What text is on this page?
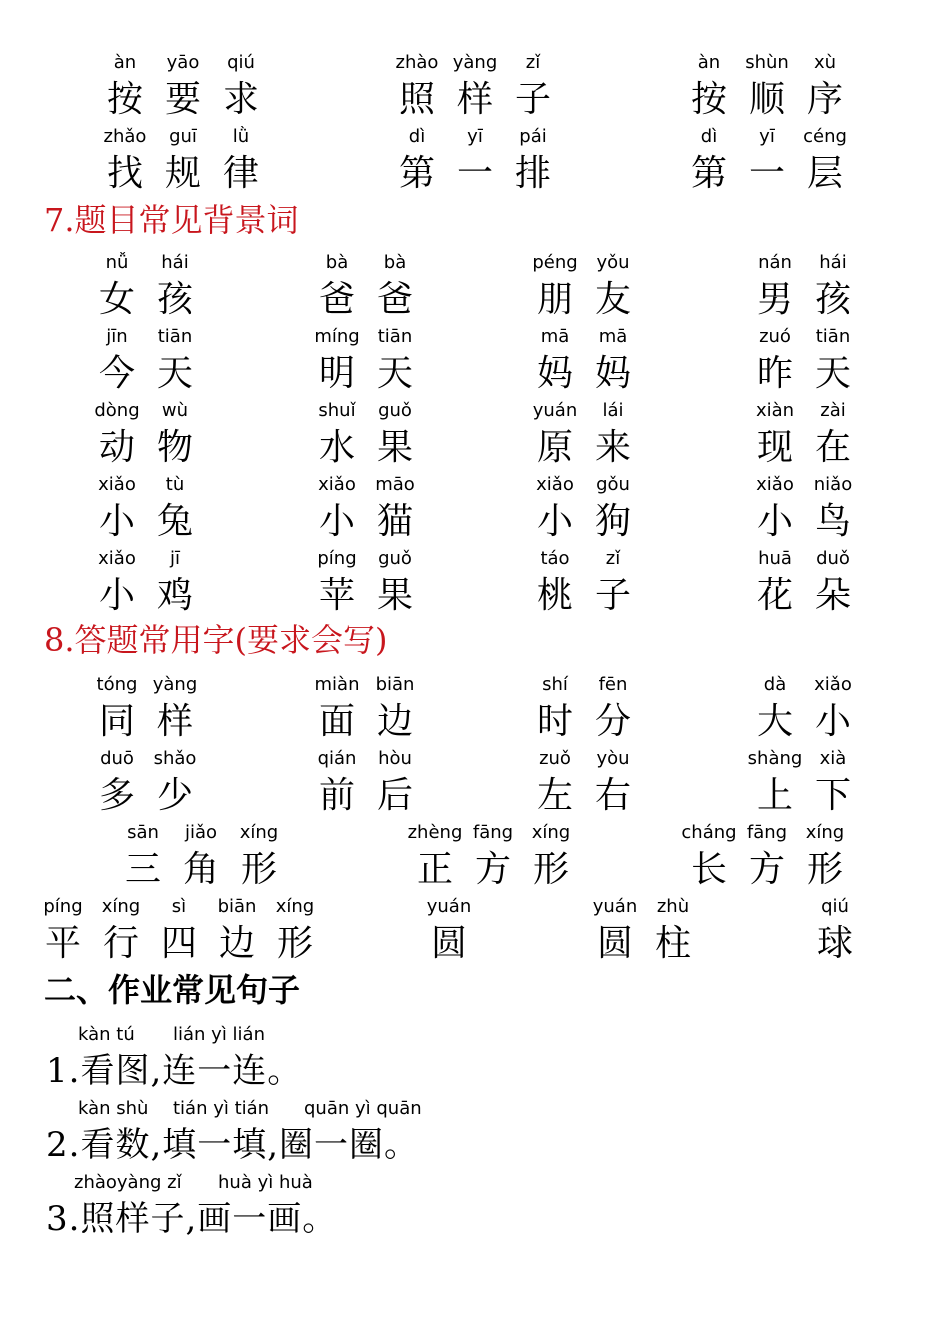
àn
按
yāo
要
qiú
求
zhào
照
yàng
样
zǐ
子
àn
按
shùn
顺
xù
序
zhǎo
找
guī
规
lǜ
律
dì
第
yī
一
pái
排
dì
第
yī
一
céng
层
7.题目常见背景词
nǚ
女
hái
孩
bà
爸
bà
爸
péng
朋
yǒu
友
nán
男
hái
孩
jīn
今
tiān
天
míng
明
tiān
天
mā
妈
mā
妈
zuó
昨
tiān
天
dòng
动
wù
物
shuǐ
水
guǒ
果
yuán
原
lái
来
xiàn
现
zài
在
xiǎo
小
tù
兔
xiǎo
小
māo
猫
xiǎo
小
gǒu
狗
xiǎo
小
niǎo
鸟
xiǎo
小
jī
鸡
píng
苹
guǒ
果
táo
桃
zǐ
子
huā
花
duǒ
朵
8.答题常用字(要求会写)
tóng
同
yàng
样
miàn
面
biān
边
shí
时
fēn
分
dà
大
xiǎo
小
duō
多
shǎo
少
qián
前
hòu
后
zuǒ
左
yòu
右
shàng
上
xià
下
sān
三
jiǎo
角
xíng
形
zhèng
正
fāng
方
xíng
形
cháng
长
fāng
方
xíng
形
píng
平
xíng
行
sì
四
biān
边
xíng
形
yuán
圆
yuán
圆
zhù
柱
qiú
球
二、作业常见句子
kàn tú lián yì lián
1.看图,连一连。
kàn shù tián yì tián quān yì quān
2.看数,填一填,圈一圈。
zhàoyàng zǐ huà yì huà
3.照样子,画一画。
